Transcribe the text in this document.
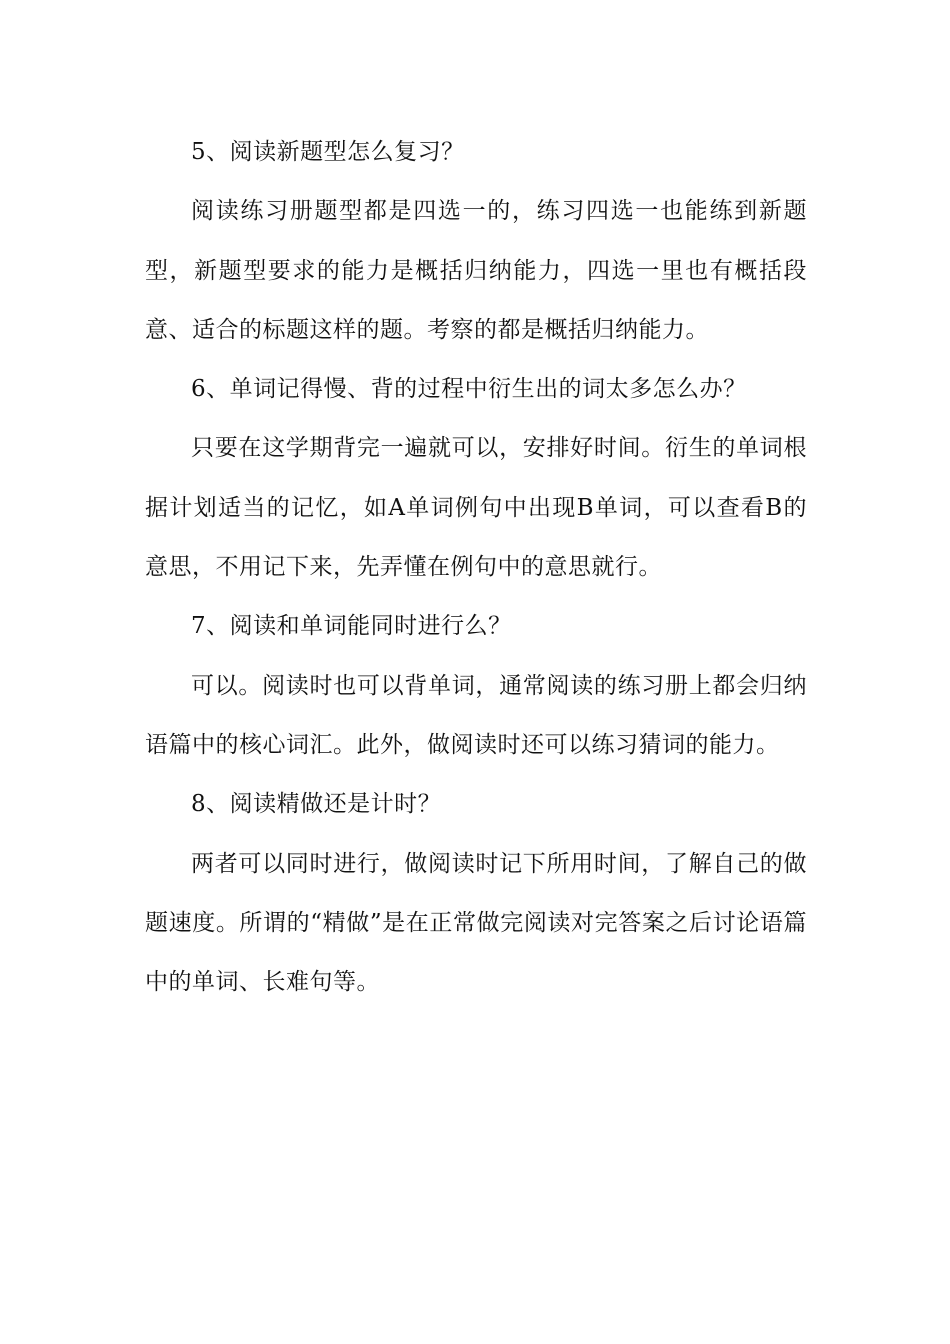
5、阅读新题型怎么复习？

阅读练习册题型都是四选一的，练习四选一也能练到新题型，新题型要求的能力是概括归纳能力，四选一里也有概括段意、适合的标题这样的题。考察的都是概括归纳能力。

6、单词记得慢、背的过程中衍生出的词太多怎么办？

只要在这学期背完一遍就可以，安排好时间。衍生的单词根据计划适当的记忆，如A单词例句中出现B单词，可以查看B的意思，不用记下来，先弄懂在例句中的意思就行。

7、阅读和单词能同时进行么？

可以。阅读时也可以背单词，通常阅读的练习册上都会归纳语篇中的核心词汇。此外，做阅读时还可以练习猜词的能力。

8、阅读精做还是计时？

两者可以同时进行，做阅读时记下所用时间，了解自己的做题速度。所谓的“精做”是在正常做完阅读对完答案之后讨论语篇中的单词、长难句等。
